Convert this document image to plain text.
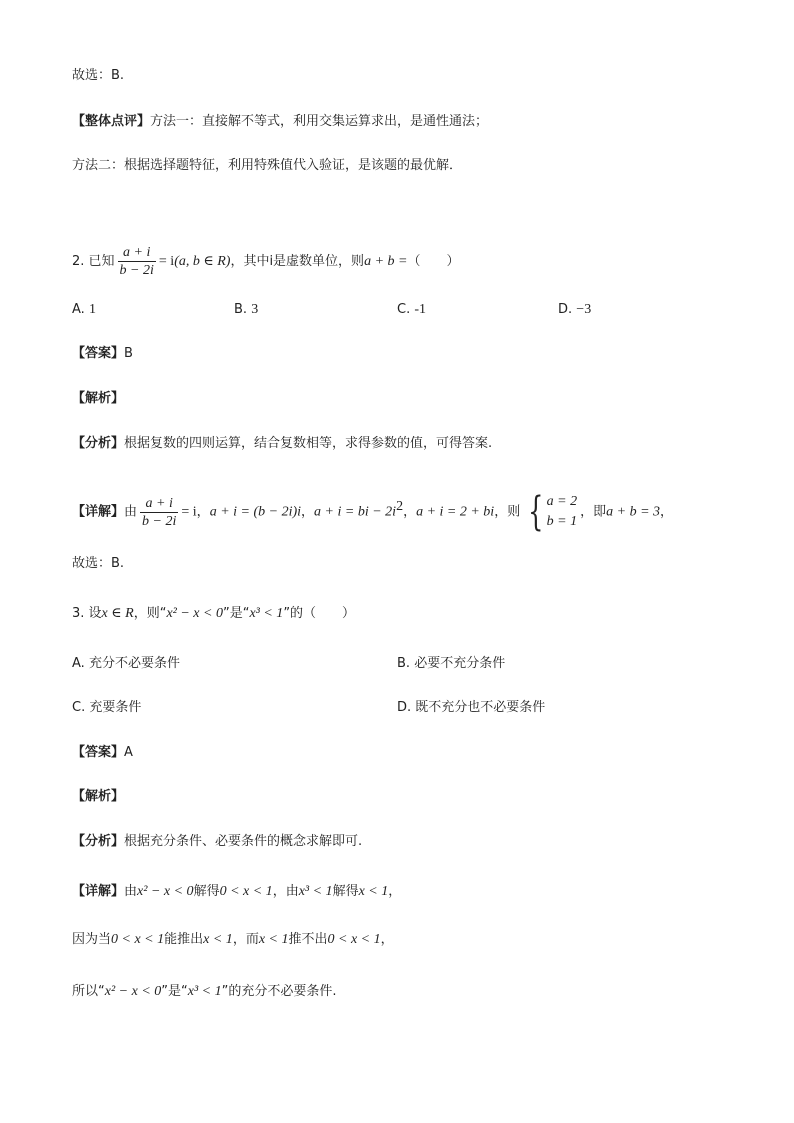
故选：B.
【整体点评】方法一：直接解不等式，利用交集运算求出，是通性通法；
方法二：根据选择题特征，利用特殊值代入验证，是该题的最优解．
2. 已知 $\frac{a + i}{b - 2i} = i(a$, b ∈ R)，其中i是虚数单位，则a + b =（　　）
A. 1	B. 3	C. -1	D. −3
【答案】B
【解析】
【分析】根据复数的四则运算，结合复数相等，求得参数的值，可得答案.
【详解】由 $\frac{a + i}{b - 2i} = i$，a + i = (b − 2i)i，a + i = bi − $2i^2$，a + i = 2 + bi，则 { a = 2
b = 1
，即a + b = 3，
故选：B.
3. 设x ∈ R，则“x² − x < 0”是“x³ < 1”的（　　）
A. 充分不必要条件	B. 必要不充分条件
C. 充要条件	D. 既不充分也不必要条件
【答案】A
【解析】
【分析】根据充分条件、必要条件的概念求解即可.
【详解】由x² − x < 0解得0 < x < 1，由x³ < 1解得x < 1，
因为当0 < x < 1能推出x < 1，而x < 1推不出0 < x < 1，
所以“x² − x < 0”是“x³ < 1”的充分不必要条件.
